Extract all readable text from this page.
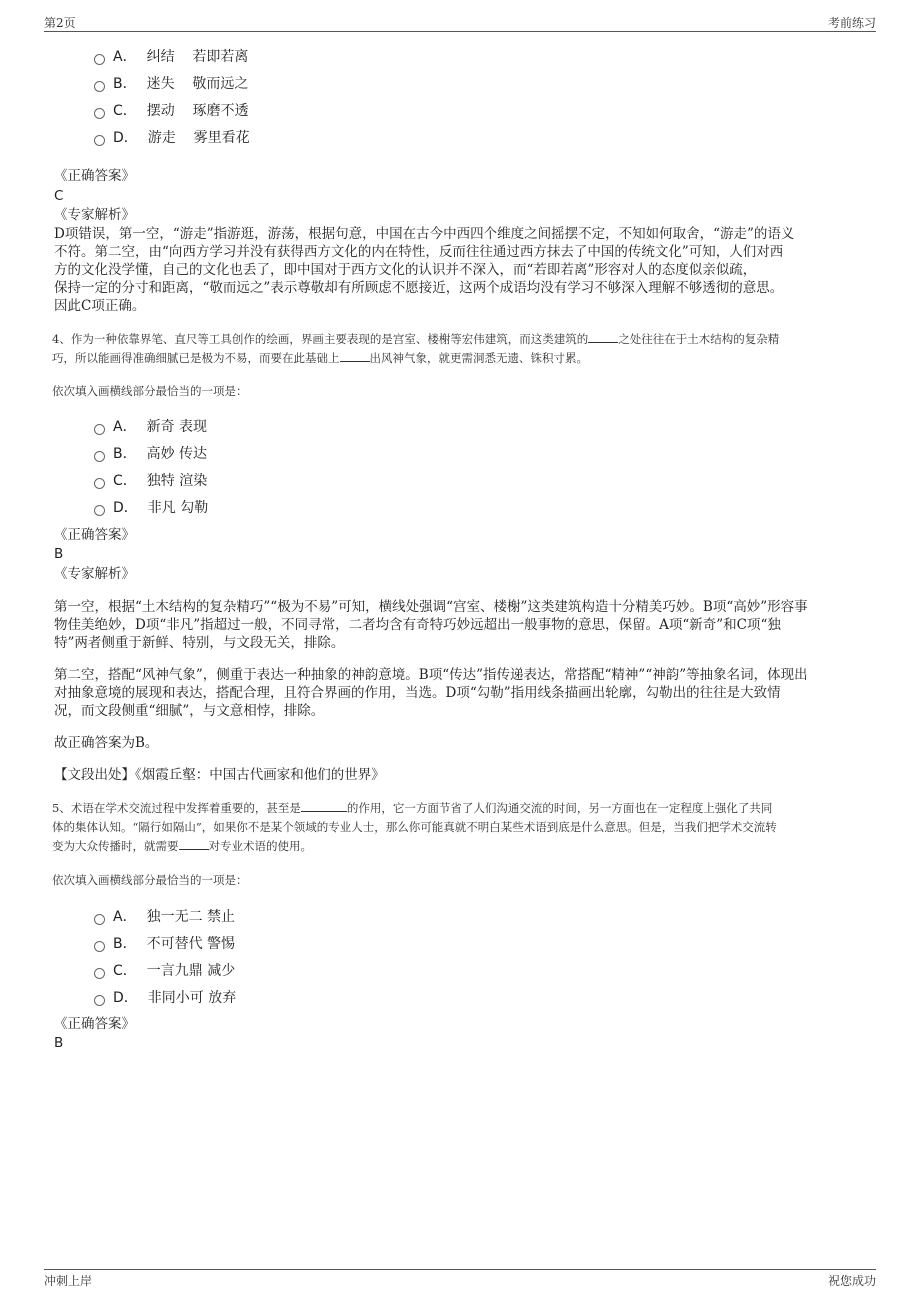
第2页	考前练习
A． 纠结    若即若离
B． 迷失    敬而远之
C． 摆动    琢磨不透
D． 游走    雾里看花
《正确答案》
C
《专家解析》
D项错误，第一空，“游走”指游逛，游荡，根据句意，中国在古今中西四个维度之间摇摆不定，不知如何取舍，“游走”的语义
不符。第二空，由“向西方学习并没有获得西方文化的内在特性，反而往往通过西方抹去了中国的传统文化”可知，人们对西
方的文化没学懂，自己的文化也丢了，即中国对于西方文化的认识并不深入，而“若即若离”形容对人的态度似亲似疏，
保持一定的分寸和距离，“敬而远之”表示尊敬却有所顾虑不愿接近，这两个成语均没有学习不够深入理解不够透彻的意思。
因此C项正确。
4、作为一种依靠界笔、直尺等工具创作的绘画，界画主要表现的是宫室、楼榭等宏伟建筑，而这类建筑的	之处往往在于土木结构的复杂精
巧，所以能画得准确细腻已是极为不易，而要在此基础上	出风神气象，就更需洞悉无遗、铢积寸累。
依次填入画横线部分最恰当的一项是：
A． 新奇 表现
B． 高妙 传达
C． 独特 渲染
D． 非凡 勾勒
《正确答案》
B
《专家解析》
第一空，根据“土木结构的复杂精巧”“极为不易”可知，横线处强调“宫室、楼榭”这类建筑构造十分精美巧妙。B项“高妙”形容事
物佳美绝妙，D项“非凡”指超过一般，不同寻常，二者均含有奇特巧妙远超出一般事物的意思，保留。A项“新奇”和C项“独
特”两者侧重于新鲜、特别，与文段无关，排除。
第二空，搭配“风神气象”，侧重于表达一种抽象的神韵意境。B项“传达”指传递表达，常搭配“精神”“神韵”等抽象名词，体现出
对抽象意境的展现和表达，搭配合理，且符合界画的作用，当选。D项“勾勒”指用线条描画出轮廓，勾勒出的往往是大致情
况，而文段侧重“细腻”，与文意相悖，排除。
故正确答案为B。
【文段出处】《烟霞丘壑：中国古代画家和他们的世界》
5、术语在学术交流过程中发挥着重要的，甚至是	的作用，它一方面节省了人们沟通交流的时间，另一方面也在一定程度上强化了共同
体的集体认知。“隔行如隔山”，如果你不是某个领域的专业人士，那么你可能真就不明白某些术语到底是什么意思。但是，当我们把学术交流转
变为大众传播时，就需要	对专业术语的使用。
依次填入画横线部分最恰当的一项是：
A． 独一无二 禁止
B． 不可替代 警惕
C． 一言九鼎 减少
D． 非同小可 放弃
《正确答案》
B
冲刺上岸	祝您成功
